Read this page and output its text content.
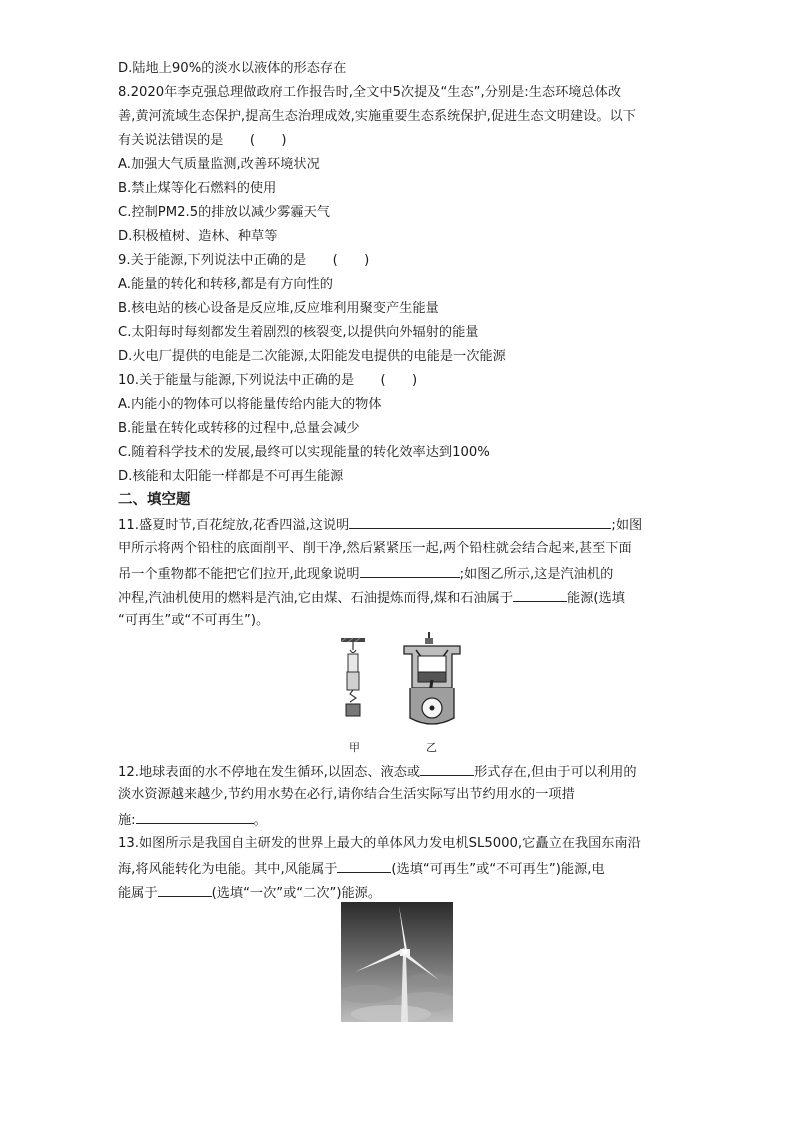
D.陆地上90%的淡水以液体的形态存在
8.2020年李克强总理做政府工作报告时,全文中5次提及“生态”,分别是:生态环境总体改
善,黄河流域生态保护,提高生态治理成效,实施重要生态系统保护,促进生态文明建设。以下
有关说法错误的是　　(　　)
A.加强大气质量监测,改善环境状况
B.禁止煤等化石燃料的使用
C.控制PM2.5的排放以减少雾霾天气
D.积极植树、造林、种草等
9.关于能源,下列说法中正确的是　　(　　)
A.能量的转化和转移,都是有方向性的
B.核电站的核心设备是反应堆,反应堆利用聚变产生能量
C.太阳每时每刻都发生着剧烈的核裂变,以提供向外辐射的能量
D.火电厂提供的电能是二次能源,太阳能发电提供的电能是一次能源
10.关于能量与能源,下列说法中正确的是　　(　　)
A.内能小的物体可以将能量传给内能大的物体
B.能量在转化或转移的过程中,总量会减少
C.随着科学技术的发展,最终可以实现能量的转化效率达到100%
D.核能和太阳能一样都是不可再生能源
二、填空题
11.盛夏时节,百花绽放,花香四溢,这说明	;如图
甲所示将两个铅柱的底面削平、削干净,然后紧紧压一起,两个铅柱就会结合起来,甚至下面
吊一个重物都不能把它们拉开,此现象说明	;如图乙所示,这是汽油机的
冲程,汽油机使用的燃料是汽油,它由煤、石油提炼而得,煤和石油属于	能源(选填
“可再生”或“不可再生”)。
甲	乙
12.地球表面的水不停地在发生循环,以固态、液态或	形式存在,但由于可以利用的
淡水资源越来越少,节约用水势在必行,请你结合生活实际写出节约用水的一项措
施:	。
13.如图所示是我国自主研发的世界上最大的单体风力发电机SL5000,它矗立在我国东南沿
海,将风能转化为电能。其中,风能属于	(选填“可再生”或“不可再生”)能源,电
能属于	(选填“一次”或“二次”)能源。
